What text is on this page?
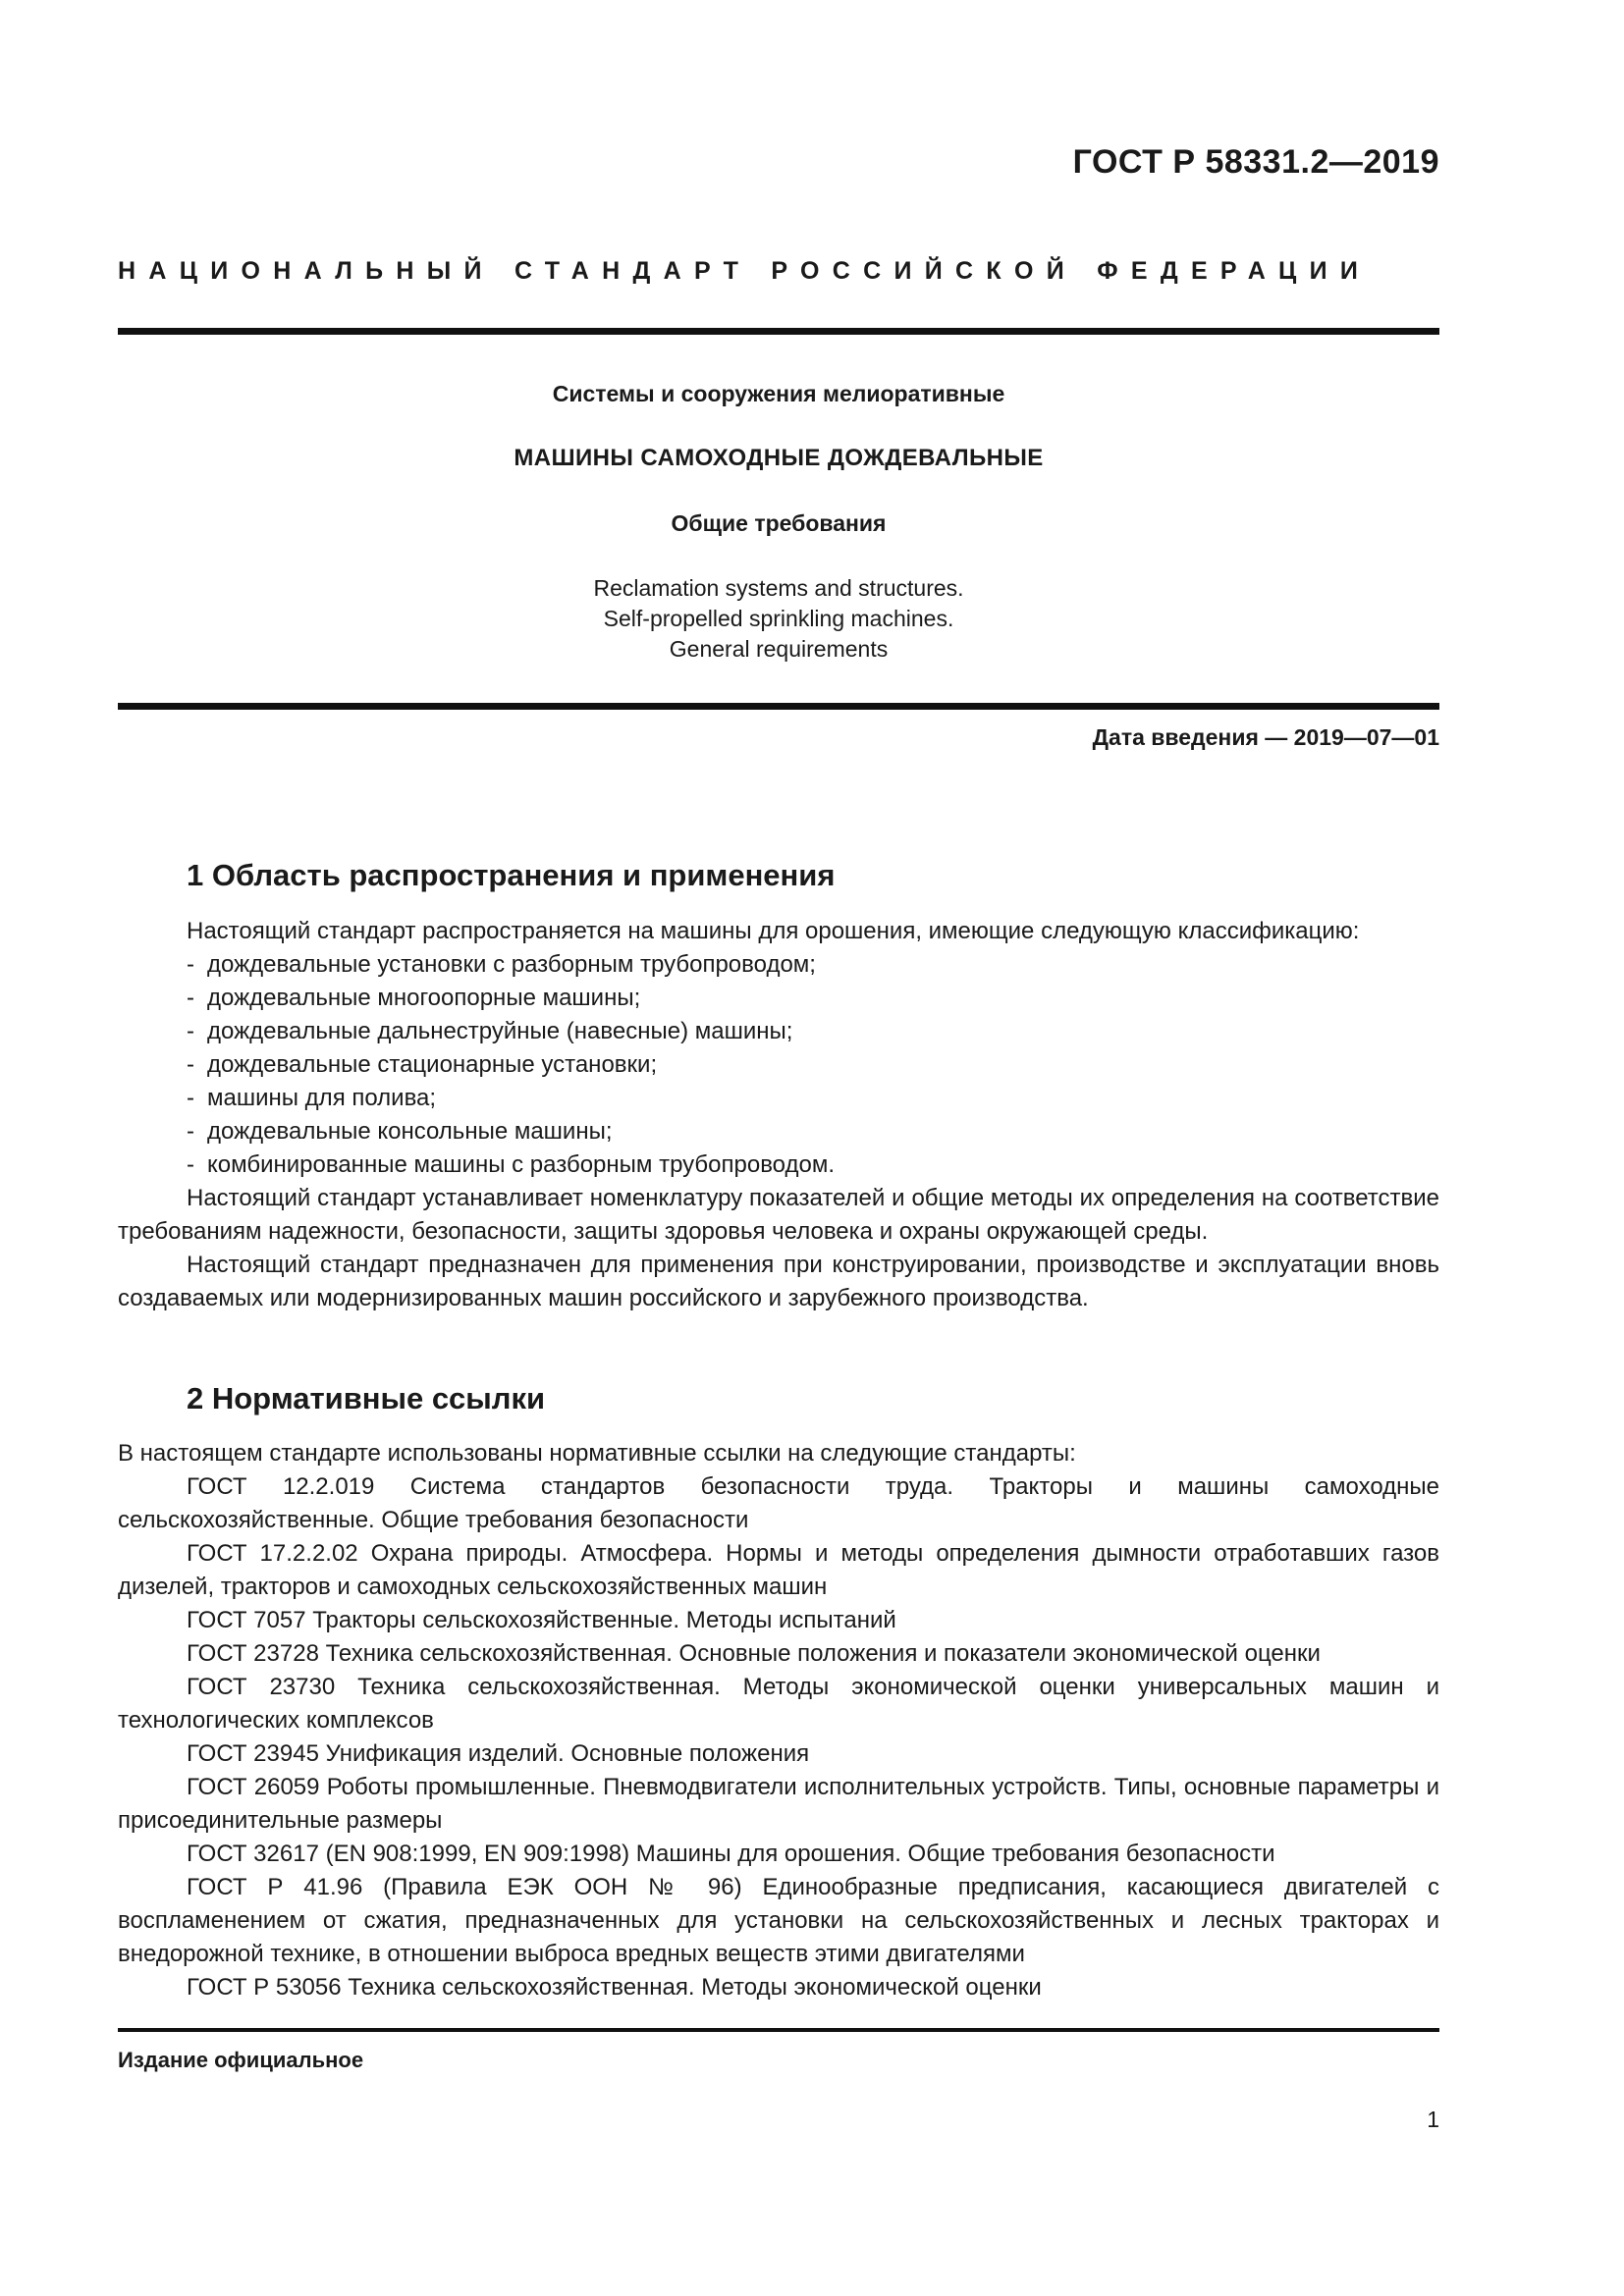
ГОСТ Р 58331.2—2019
НАЦИОНАЛЬНЫЙ СТАНДАРТ РОССИЙСКОЙ ФЕДЕРАЦИИ
Системы и сооружения мелиоративные
МАШИНЫ САМОХОДНЫЕ ДОЖДЕВАЛЬНЫЕ
Общие требования
Reclamation systems and structures.
Self-propelled sprinkling machines.
General requirements
Дата введения — 2019—07—01
1 Область распространения и применения

Настоящий стандарт распространяется на машины для орошения, имеющие следующую классификацию:

- дождевальные установки с разборным трубопроводом;

- дождевальные многоопорные машины;

- дождевальные дальнеструйные (навесные) машины;

- дождевальные стационарные установки;

- машины для полива;

- дождевальные консольные машины;

- комбинированные машины с разборным трубопроводом.

Настоящий стандарт устанавливает номенклатуру показателей и общие методы их определения на соответствие требованиям надежности, безопасности, защиты здоровья человека и охраны окружающей среды.

Настоящий стандарт предназначен для применения при конструировании, производстве и эксплуатации вновь создаваемых или модернизированных машин российского и зарубежного производства.

2 Нормативные ссылки

В настоящем стандарте использованы нормативные ссылки на следующие стандарты:

ГОСТ 12.2.019 Система стандартов безопасности труда. Тракторы и машины самоходные сельскохозяйственные. Общие требования безопасности

ГОСТ 17.2.2.02 Охрана природы. Атмосфера. Нормы и методы определения дымности отработавших газов дизелей, тракторов и самоходных сельскохозяйственных машин

ГОСТ 7057 Тракторы сельскохозяйственные. Методы испытаний

ГОСТ 23728 Техника сельскохозяйственная. Основные положения и показатели экономической оценки

ГОСТ 23730 Техника сельскохозяйственная. Методы экономической оценки универсальных машин и технологических комплексов

ГОСТ 23945 Унификация изделий. Основные положения

ГОСТ 26059 Роботы промышленные. Пневмодвигатели исполнительных устройств. Типы, основные параметры и присоединительные размеры

ГОСТ 32617 (EN 908:1999, EN 909:1998) Машины для орошения. Общие требования безопасности

ГОСТ Р 41.96 (Правила ЕЭК ООН № 96) Единообразные предписания, касающиеся двигателей с воспламенением от сжатия, предназначенных для установки на сельскохозяйственных и лесных тракторах и внедорожной технике, в отношении выброса вредных веществ этими двигателями

ГОСТ Р 53056 Техника сельскохозяйственная. Методы экономической оценки

Издание официальное
1
